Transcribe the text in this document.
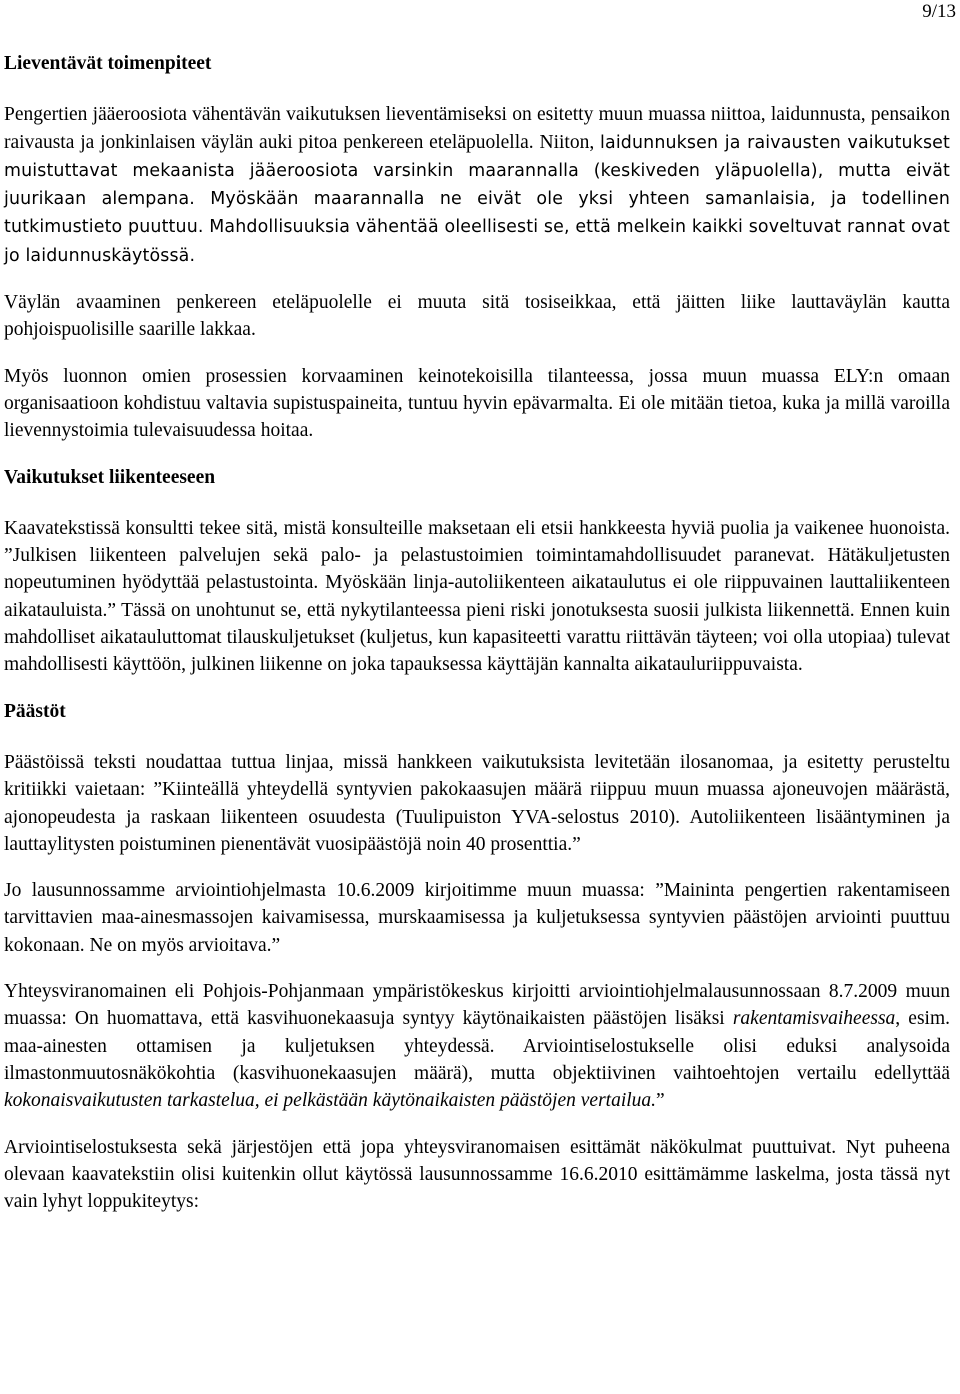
9/13
Lieventävät toimenpiteet

Pengertien jääeroosiota vähentävän vaikutuksen lieventämiseksi on esitetty muun muassa niittoa, laidunnusta, pensaikon raivausta ja jonkinlaisen väylän auki pitoa penkereen eteläpuolella. Niiton, laidunnuksen ja raivausten vaikutukset muistuttavat mekaanista jääeroosiota varsinkin maarannalla (keskiveden yläpuolella), mutta eivät juurikaan alempana. Myöskään maarannalla ne eivät ole yksi yhteen samanlaisia, ja todellinen tutkimustieto puuttuu. Mahdollisuuksia vähentää oleellisesti se, että melkein kaikki soveltuvat rannat ovat jo laidunnuskäytössä.

Väylän avaaminen penkereen eteläpuolelle ei muuta sitä tosiseikkaa, että jäitten liike lauttaväylän kautta pohjoispuolisille saarille lakkaa.

Myös luonnon omien prosessien korvaaminen keinotekoisilla tilanteessa, jossa muun muassa ELY:n omaan organisaatioon kohdistuu valtavia supistuspaineita, tuntuu hyvin epävarmalta. Ei ole mitään tietoa, kuka ja millä varoilla lievennystoimia tulevaisuudessa hoitaa.

Vaikutukset liikenteeseen

Kaavatekstissä konsultti tekee sitä, mistä konsulteille maksetaan eli etsii hankkeesta hyviä puolia ja vaikenee huonoista. ”Julkisen liikenteen palvelujen sekä palo- ja pelastustoimien toimintamahdollisuudet paranevat. Hätäkuljetusten nopeutuminen hyödyttää pelastustointa. Myöskään linja-autoliikenteen aikataulutus ei ole riippuvainen lauttaliikenteen aikatauluista.” Tässä on unohtunut se, että nykytilanteessa pieni riski jonotuksesta suosii julkista liikennettä. Ennen kuin mahdolliset aikatauluttomat tilauskuljetukset (kuljetus, kun kapasiteetti varattu riittävän täyteen; voi olla utopiaa) tulevat mahdollisesti käyttöön, julkinen liikenne on joka tapauksessa käyttäjän kannalta aikatauluriippuvaista.

Päästöt

Päästöissä teksti noudattaa tuttua linjaa, missä hankkeen vaikutuksista levitetään ilosanomaa, ja esitetty perusteltu kritiikki vaietaan: ”Kiinteällä yhteydellä syntyvien pakokaasujen määrä riippuu muun muassa ajoneuvojen määrästä, ajonopeudesta ja raskaan liikenteen osuudesta (Tuulipuiston YVA-selostus 2010). Autoliikenteen lisääntyminen ja lauttaylitysten poistuminen pienentävät vuosipäästöjä noin 40 prosenttia.”

Jo lausunnossamme arviointiohjelmasta 10.6.2009 kirjoitimme muun muassa: ”Maininta pengertien rakentamiseen tarvittavien maa-ainesmassojen kaivamisessa, murskaamisessa ja kuljetuksessa syntyvien päästöjen arviointi puuttuu kokonaan. Ne on myös arvioitava.”

Yhteysviranomainen eli Pohjois-Pohjanmaan ympäristökeskus kirjoitti arviointiohjelmalausunnossaan 8.7.2009 muun muassa: On huomattava, että kasvihuonekaasuja syntyy käytönaikaisten päästöjen lisäksi rakentamisvaiheessa, esim. maa-ainesten ottamisen ja kuljetuksen yhteydessä. Arviointiselostukselle olisi eduksi analysoida ilmastonmuutosnäkökohtia (kasvihuonekaasujen määrä), mutta objektiivinen vaihtoehtojen vertailu edellyttää kokonaisvaikutusten tarkastelua, ei pelkästään käytönaikaisten päästöjen vertailua.”

Arviointiselostuksesta sekä järjestöjen että jopa yhteysviranomaisen esittämät näkökulmat puuttuivat. Nyt puheena olevaan kaavatekstiin olisi kuitenkin ollut käytössä lausunnossamme 16.6.2010 esittämämme laskelma, josta tässä nyt vain lyhyt loppukiteytys:
